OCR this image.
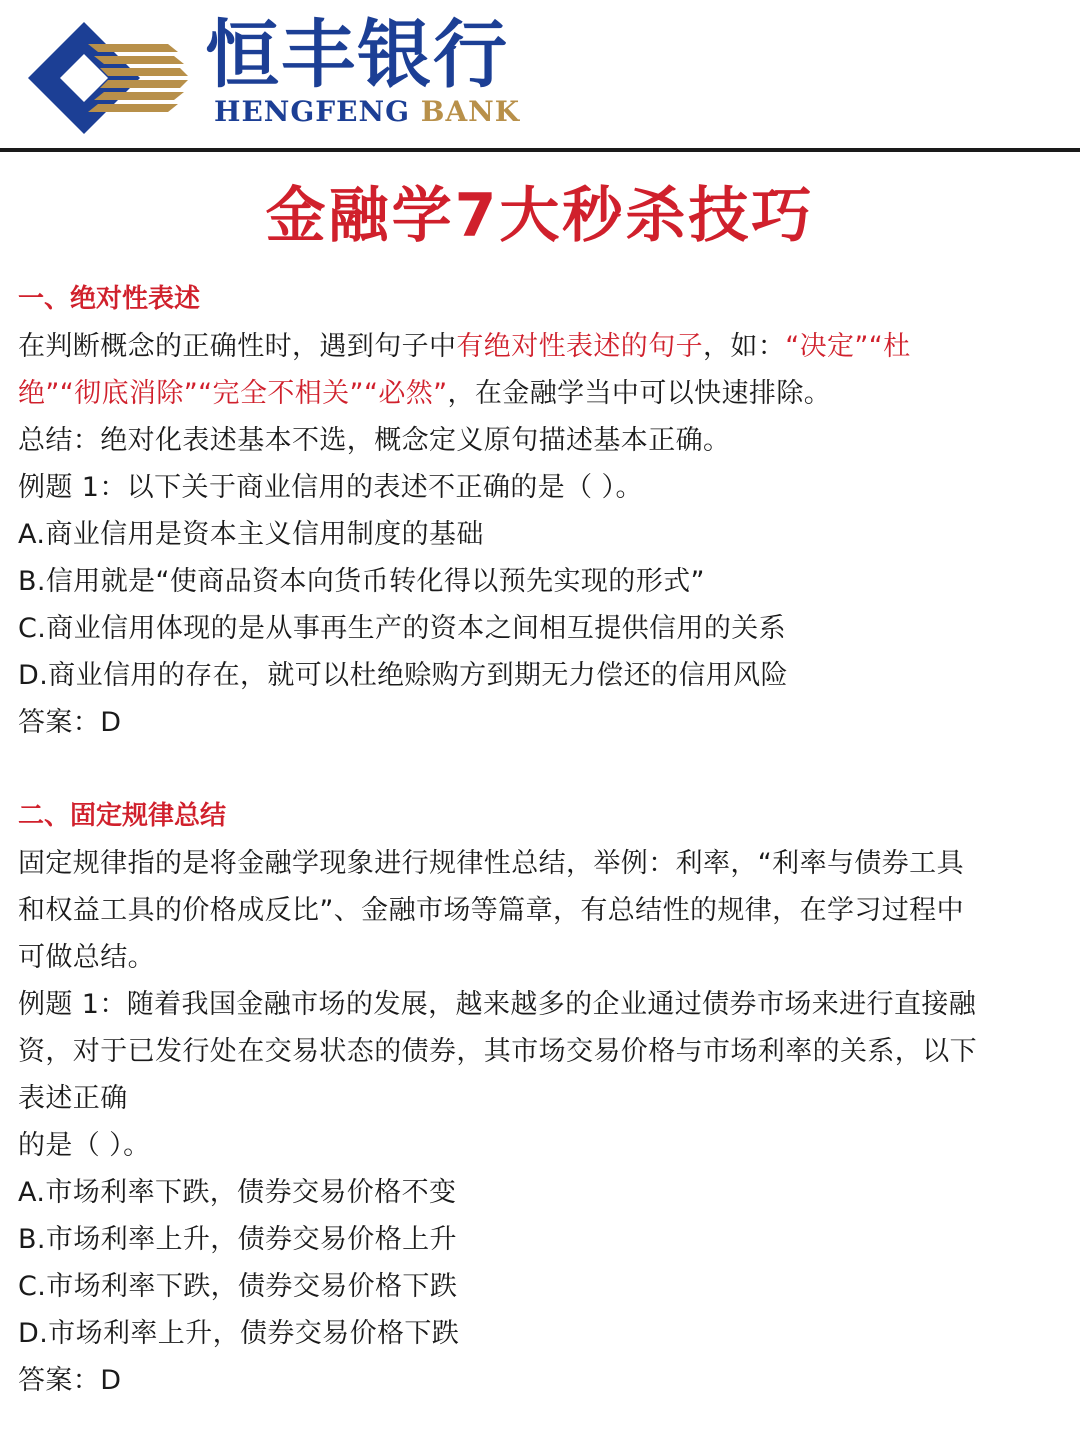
恒丰银行
HENGFENG BANK
金融学7大秒杀技巧
一、绝对性表述
在判断概念的正确性时，遇到句子中有绝对性表述的句子，如：“决定”“杜
绝”“彻底消除”“完全不相关”“必然”，在金融学当中可以快速排除。
总结：绝对化表述基本不选，概念定义原句描述基本正确。
例题 1：以下关于商业信用的表述不正确的是（ ）。
A.商业信用是资本主义信用制度的基础
B.信用就是“使商品资本向货币转化得以预先实现的形式”
C.商业信用体现的是从事再生产的资本之间相互提供信用的关系
D.商业信用的存在，就可以杜绝赊购方到期无力偿还的信用风险
答案：D
二、固定规律总结
固定规律指的是将金融学现象进行规律性总结，举例：利率，“利率与债券工具
和权益工具的价格成反比”、金融市场等篇章，有总结性的规律，在学习过程中
可做总结。
例题 1：随着我国金融市场的发展，越来越多的企业通过债券市场来进行直接融
资，对于已发行处在交易状态的债券，其市场交易价格与市场利率的关系，以下
表述正确
的是（ ）。
A.市场利率下跌，债券交易价格不变
B.市场利率上升，债券交易价格上升
C.市场利率下跌，债券交易价格下跌
D.市场利率上升，债券交易价格下跌
答案：D
